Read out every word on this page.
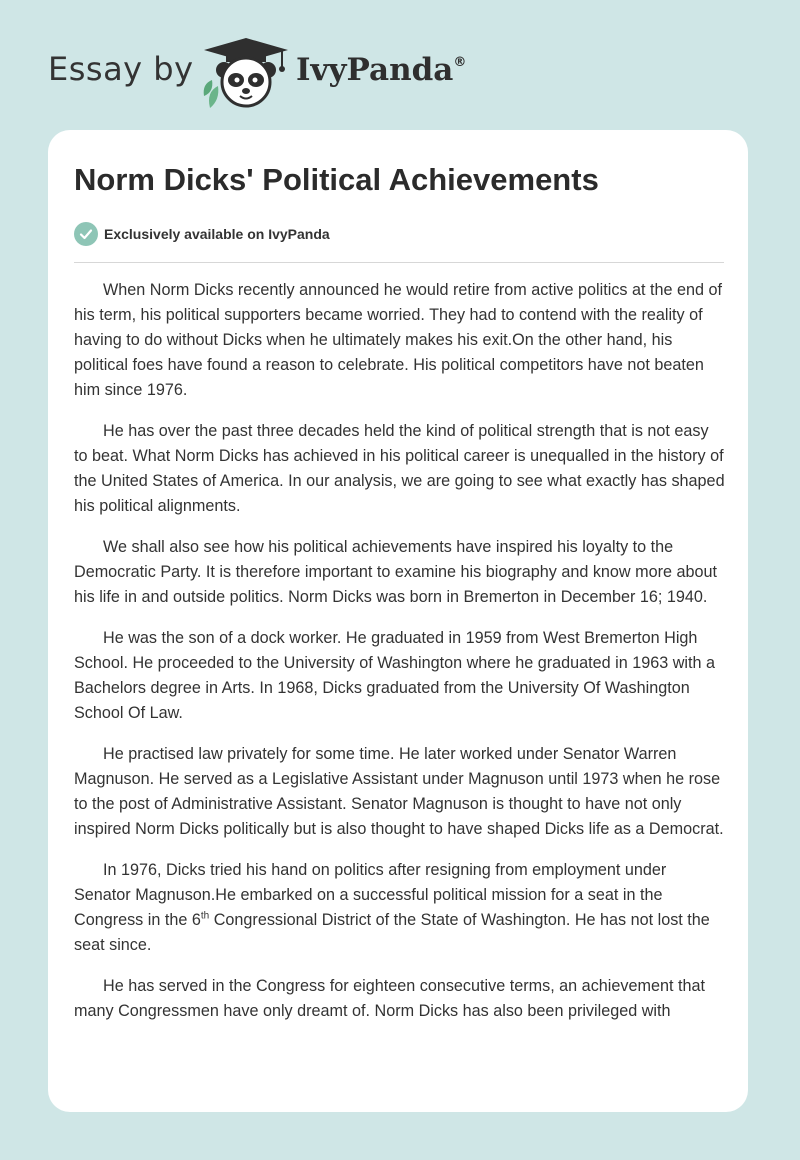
Essay by	IvyPanda®
Norm Dicks' Political Achievements
Exclusively available on IvyPanda

When Norm Dicks recently announced he would retire from active politics at the end of his term, his political supporters became worried. They had to contend with the reality of having to do without Dicks when he ultimately makes his exit.On the other hand, his political foes have found a reason to celebrate. His political competitors have not beaten him since 1976.

He has over the past three decades held the kind of political strength that is not easy to beat. What Norm Dicks has achieved in his political career is unequalled in the history of the United States of America. In our analysis, we are going to see what exactly has shaped his political alignments.

We shall also see how his political achievements have inspired his loyalty to the Democratic Party. It is therefore important to examine his biography and know more about his life in and outside politics. Norm Dicks was born in Bremerton in December 16; 1940.

He was the son of a dock worker. He graduated in 1959 from West Bremerton High School. He proceeded to the University of Washington where he graduated in 1963 with a Bachelors degree in Arts. In 1968, Dicks graduated from the University Of Washington School Of Law.

He practised law privately for some time. He later worked under Senator Warren Magnuson. He served as a Legislative Assistant under Magnuson until 1973 when he rose to the post of Administrative Assistant. Senator Magnuson is thought to have not only inspired Norm Dicks politically but is also thought to have shaped Dicks life as a Democrat.

In 1976, Dicks tried his hand on politics after resigning from employment under Senator Magnuson.He embarked on a successful political mission for a seat in the Congress in the 6th Congressional District of the State of Washington. He has not lost the seat since.

He has served in the Congress for eighteen consecutive terms, an achievement that many Congressmen have only dreamt of. Norm Dicks has also been privileged with
